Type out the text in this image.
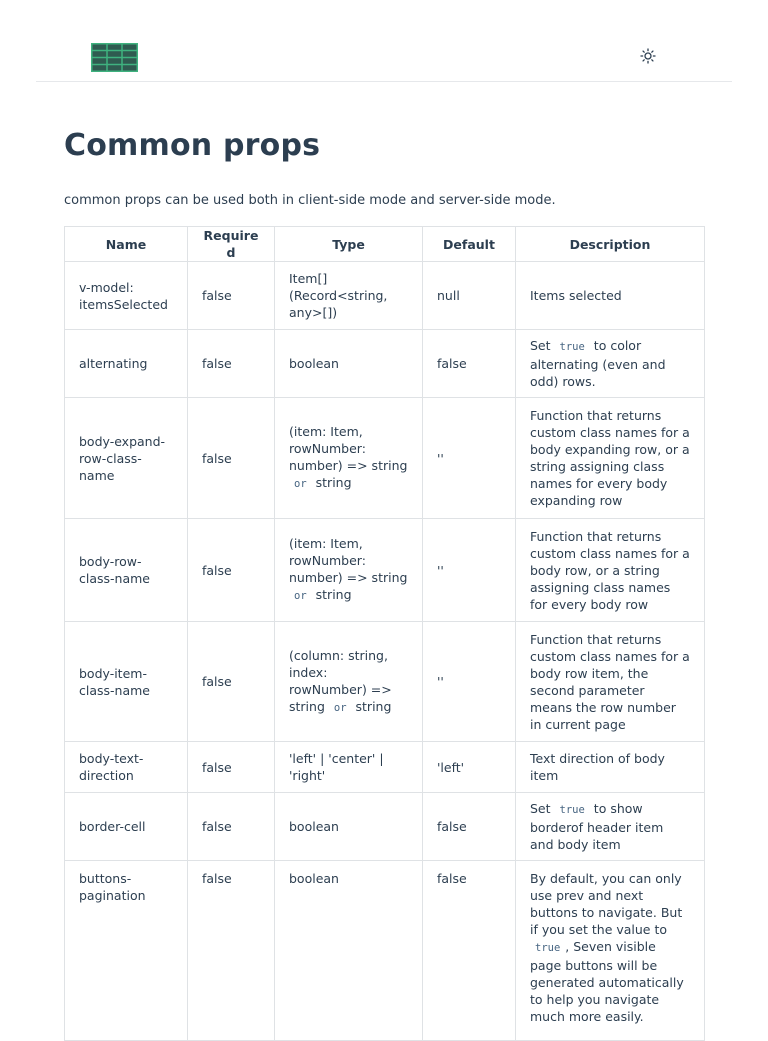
Common props

common props can be used both in client-side mode and server-side mode.

Name	Required	Type	Default	Description
v-model: itemsSelected	false	Item[] (Record<string, any>[])	null	Items selected
alternating	false	boolean	false	Set true to color alternating (even and odd) rows.
body-expand-row-class-name	false	(item: Item, rowNumber: number) => string or string	''	Function that returns custom class names for a body expanding row, or a string assigning class names for every body expanding row
body-row-class-name	false	(item: Item, rowNumber: number) => string or string	''	Function that returns custom class names for a body row, or a string assigning class names for every body row
body-item-class-name	false	(column: string, index: rowNumber) => string or string	''	Function that returns custom class names for a body row item, the second parameter means the row number in current page
body-text-direction	false	'left' | 'center' | 'right'	'left'	Text direction of body item
border-cell	false	boolean	false	Set true to show borderof header item and body item
buttons-pagination	false	boolean	false	By default, you can only use prev and next buttons to navigate. But if you set the value to true , Seven visible page buttons will be generated automatically to help you navigate much more easily.
